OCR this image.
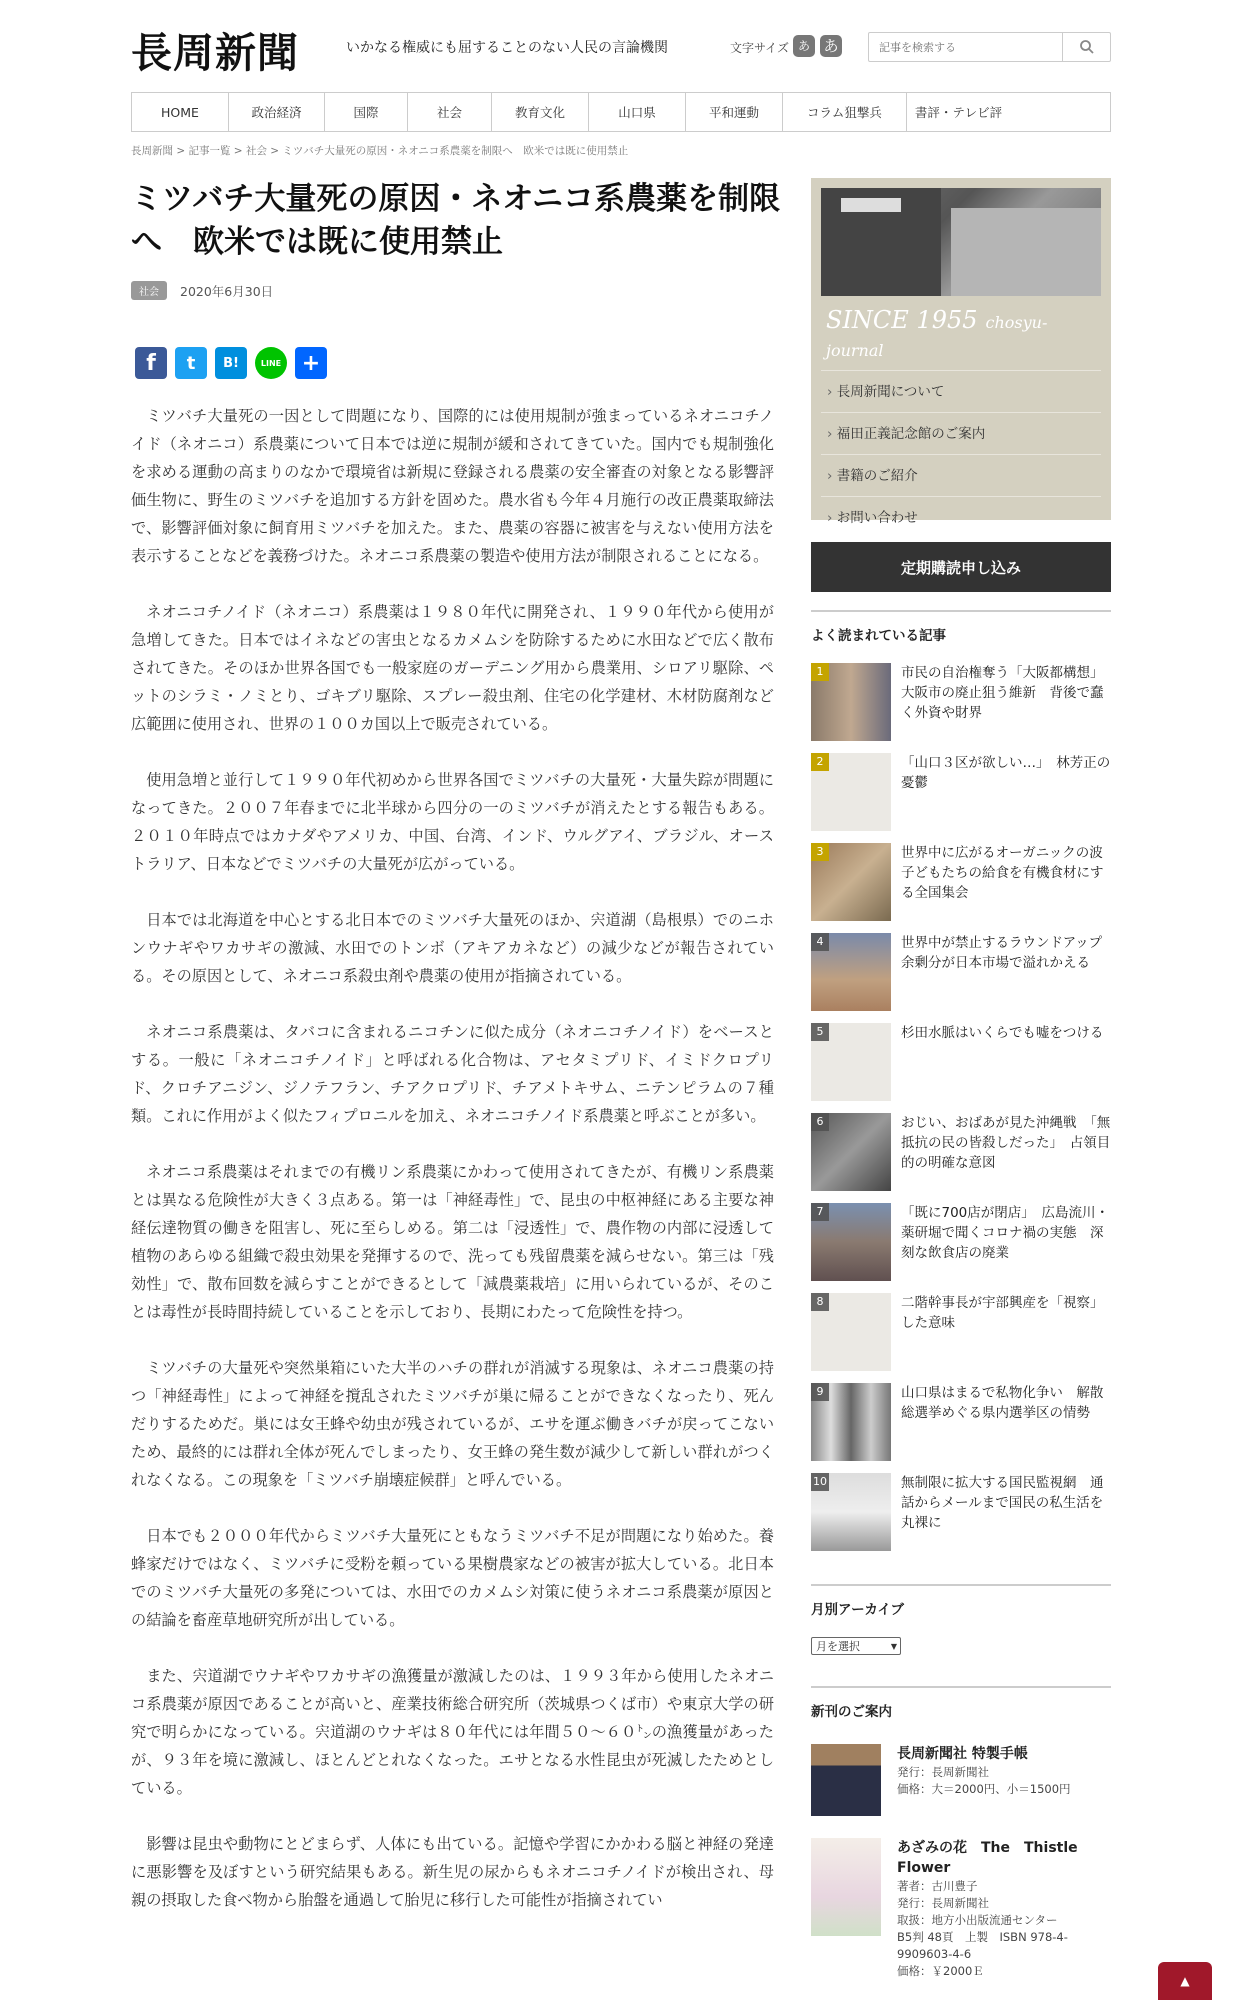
長周新聞	いかなる権威にも屈することのない人民の言論機関	文字サイズ あ あ
記事を検索する
HOME	政治経済	国際	社会	教育文化	山口県	平和運動	コラム狙撃兵	書評・テレビ評
長周新聞 > 記事一覧 > 社会 > ミツバチ大量死の原因・ネオニコ系農薬を制限へ　欧米では既に使用禁止
ミツバチ大量死の原因・ネオニコ系農薬を制限へ　欧米では既に使用禁止
社会	2020年6月30日
f	t	B!	LINE +

ミツバチ大量死の一因として問題になり、国際的には使用規制が強まっているネオニコチノイド（ネオニコ）系農薬について日本では逆に規制が緩和されてきていた。国内でも規制強化を求める運動の高まりのなかで環境省は新規に登録される農薬の安全審査の対象となる影響評価生物に、野生のミツバチを追加する方針を固めた。農水省も今年４月施行の改正農薬取締法で、影響評価対象に飼育用ミツバチを加えた。また、農薬の容器に被害を与えない使用方法を表示することなどを義務づけた。ネオニコ系農薬の製造や使用方法が制限されることになる。

ネオニコチノイド（ネオニコ）系農薬は１９８０年代に開発され、１９９０年代から使用が急増してきた。日本ではイネなどの害虫となるカメムシを防除するために水田などで広く散布されてきた。そのほか世界各国でも一般家庭のガーデニング用から農業用、シロアリ駆除、ペットのシラミ・ノミとり、ゴキブリ駆除、スプレー殺虫剤、住宅の化学建材、木材防腐剤など広範囲に使用され、世界の１００カ国以上で販売されている。

使用急増と並行して１９９０年代初めから世界各国でミツバチの大量死・大量失踪が問題になってきた。２００７年春までに北半球から四分の一のミツバチが消えたとする報告もある。２０１０年時点ではカナダやアメリカ、中国、台湾、インド、ウルグアイ、ブラジル、オーストラリア、日本などでミツバチの大量死が広がっている。

日本では北海道を中心とする北日本でのミツバチ大量死のほか、宍道湖（島根県）でのニホンウナギやワカサギの激減、水田でのトンボ（アキアカネなど）の減少などが報告されている。その原因として、ネオニコ系殺虫剤や農薬の使用が指摘されている。

ネオニコ系農薬は、タバコに含まれるニコチンに似た成分（ネオニコチノイド）をベースとする。一般に「ネオニコチノイド」と呼ばれる化合物は、アセタミプリド、イミドクロプリド、クロチアニジン、ジノテフラン、チアクロプリド、チアメトキサム、ニテンピラムの７種類。これに作用がよく似たフィプロニルを加え、ネオニコチノイド系農薬と呼ぶことが多い。

ネオニコ系農薬はそれまでの有機リン系農薬にかわって使用されてきたが、有機リン系農薬とは異なる危険性が大きく３点ある。第一は「神経毒性」で、昆虫の中枢神経にある主要な神経伝達物質の働きを阻害し、死に至らしめる。第二は「浸透性」で、農作物の内部に浸透して植物のあらゆる組織で殺虫効果を発揮するので、洗っても残留農薬を減らせない。第三は「残効性」で、散布回数を減らすことができるとして「減農薬栽培」に用いられているが、そのことは毒性が長時間持続していることを示しており、長期にわたって危険性を持つ。

ミツバチの大量死や突然巣箱にいた大半のハチの群れが消滅する現象は、ネオニコ農薬の持つ「神経毒性」によって神経を撹乱されたミツバチが巣に帰ることができなくなったり、死んだりするためだ。巣には女王蜂や幼虫が残されているが、エサを運ぶ働きバチが戻ってこないため、最終的には群れ全体が死んでしまったり、女王蜂の発生数が減少して新しい群れがつくれなくなる。この現象を「ミツバチ崩壊症候群」と呼んでいる。

日本でも２０００年代からミツバチ大量死にともなうミツバチ不足が問題になり始めた。養蜂家だけではなく、ミツバチに受粉を頼っている果樹農家などの被害が拡大している。北日本でのミツバチ大量死の多発については、水田でのカメムシ対策に使うネオニコ系農薬が原因との結論を畜産草地研究所が出している。

また、宍道湖でウナギやワカサギの漁獲量が激減したのは、１９９３年から使用したネオニコ系農薬が原因であることが高いと、産業技術総合研究所（茨城県つくば市）や東京大学の研究で明らかになっている。宍道湖のウナギは８０年代には年間５０～６０㌧の漁獲量があったが、９３年を境に激減し、ほとんどとれなくなった。エサとなる水性昆虫が死滅したためとしている。

影響は昆虫や動物にとどまらず、人体にも出ている。記憶や学習にかかわる脳と神経の発達に悪影響を及ぼすという研究結果もある。新生児の尿からもネオニコチノイドが検出され、母親の摂取した食べ物から胎盤を通過して胎児に移行した可能性が指摘されてい

SINCE 1955 chosyu-journal
› 長周新聞について
› 福田正義記念館のご案内
› 書籍のご紹介
› お問い合わせ
定期購読申し込み
よく読まれている記事
1	市民の自治権奪う「大阪都構想」　大阪市の廃止狙う維新　背後で蠢く外資や財界
2	「山口３区が欲しい…」　林芳正の憂鬱
3	世界中に広がるオーガニックの波　子どもたちの給食を有機食材にする全国集会
4	世界中が禁止するラウンドアップ　余剰分が日本市場で溢れかえる
5	杉田水脈はいくらでも嘘をつける
6	おじい、おばあが見た沖縄戦　「無抵抗の民の皆殺しだった」　占領目的の明確な意図
7	「既に700店が閉店」　広島流川・薬研堀で聞くコロナ禍の実態　深刻な飲食店の廃業
8	二階幹事長が宇部興産を「視察」した意味
9	山口県はまるで私物化争い　解散総選挙めぐる県内選挙区の情勢
10	無制限に拡大する国民監視網　通話からメールまで国民の私生活を丸裸に
月別アーカイブ
月を選択	▼
新刊のご案内
長周新聞社 特製手帳
発行：長周新聞社
価格：大＝2000円、小＝1500円
あざみの花　The　Thistle Flower
著者：古川豊子
発行：長周新聞社
取扱：地方小出版流通センター
B5判 48頁　上製　ISBN 978-4-9909603-4-6
価格：￥2000Ｅ
▲
